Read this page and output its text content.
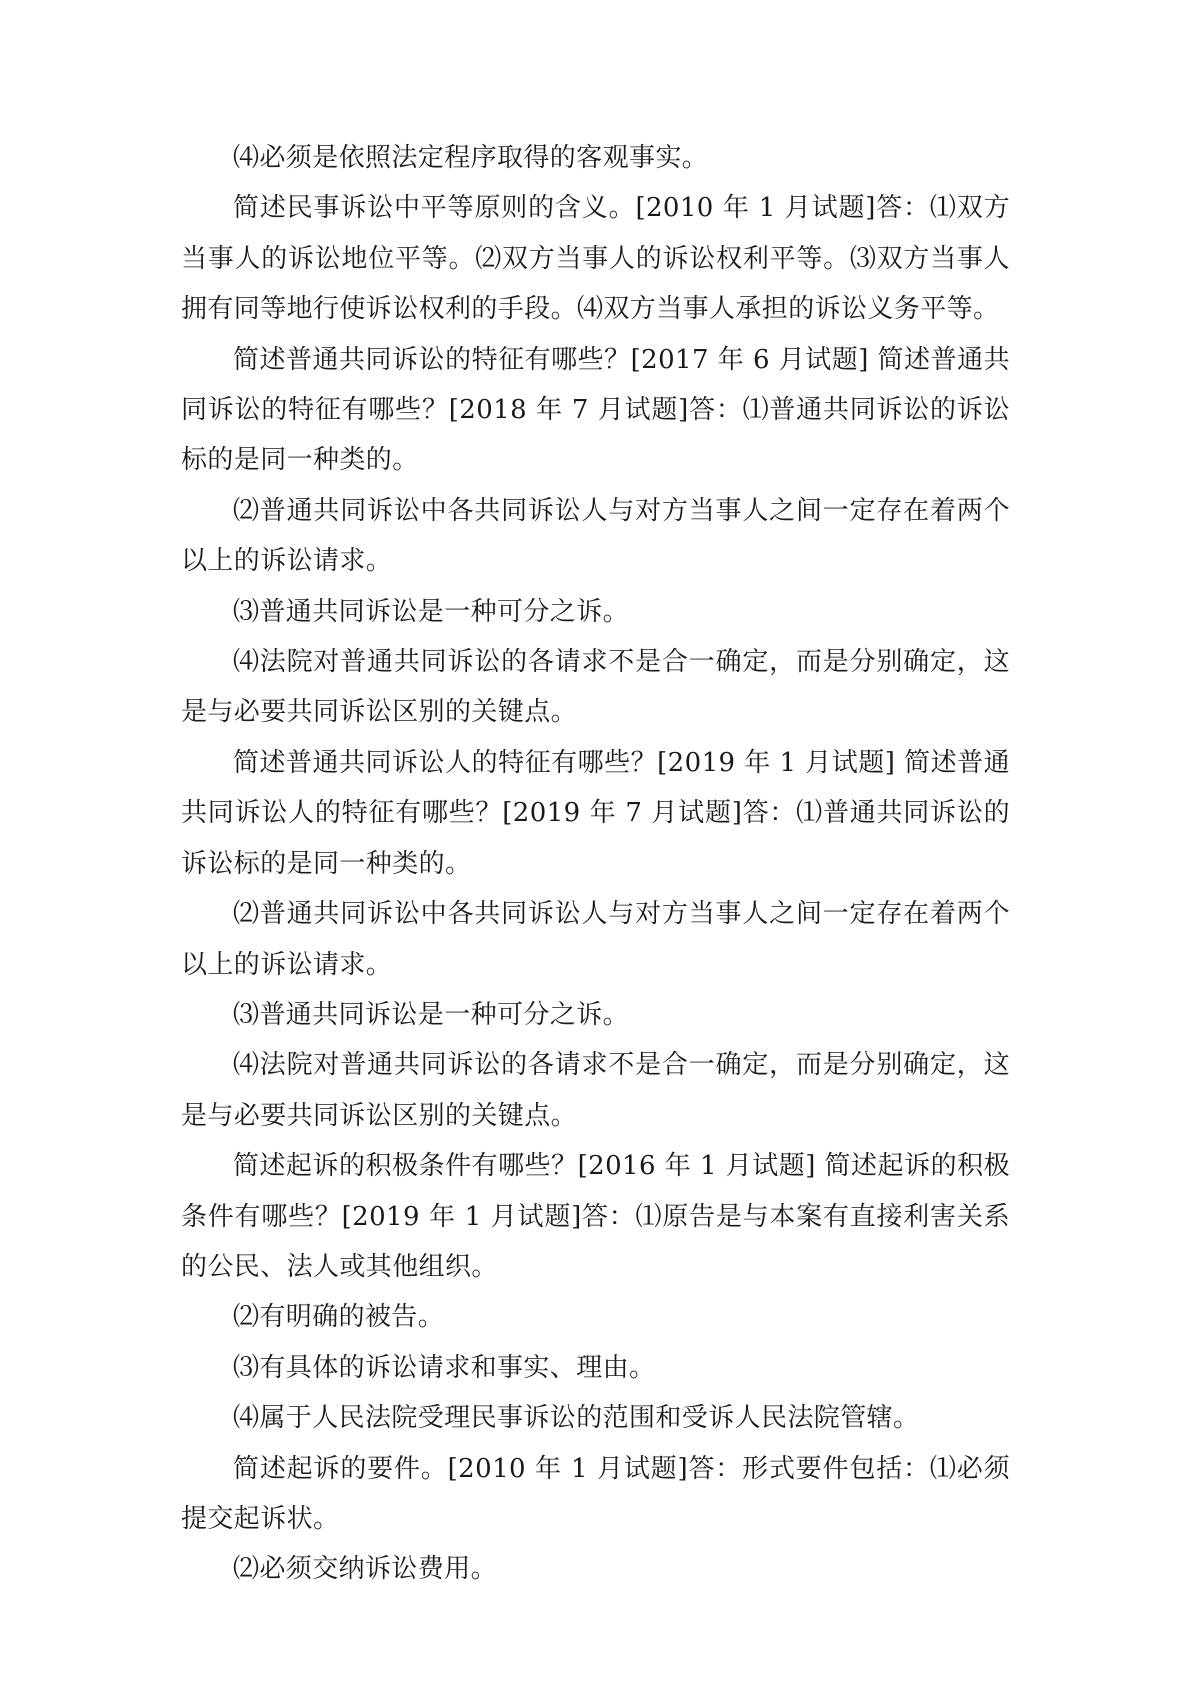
⑷必须是依照法定程序取得的客观事实。

简述民事诉讼中平等原则的含义。[2010 年 1 月试题]答：⑴双方当事人的诉讼地位平等。⑵双方当事人的诉讼权利平等。⑶双方当事人拥有同等地行使诉讼权利的手段。⑷双方当事人承担的诉讼义务平等。

简述普通共同诉讼的特征有哪些？[2017 年 6 月试题] 简述普通共同诉讼的特征有哪些？[2018 年 7 月试题]答：⑴普通共同诉讼的诉讼标的是同一种类的。

⑵普通共同诉讼中各共同诉讼人与对方当事人之间一定存在着两个以上的诉讼请求。

⑶普通共同诉讼是一种可分之诉。

⑷法院对普通共同诉讼的各请求不是合一确定，而是分别确定，这是与必要共同诉讼区别的关键点。

简述普通共同诉讼人的特征有哪些？[2019 年 1 月试题] 简述普通共同诉讼人的特征有哪些？[2019 年 7 月试题]答：⑴普通共同诉讼的诉讼标的是同一种类的。

⑵普通共同诉讼中各共同诉讼人与对方当事人之间一定存在着两个以上的诉讼请求。

⑶普通共同诉讼是一种可分之诉。

⑷法院对普通共同诉讼的各请求不是合一确定，而是分别确定，这是与必要共同诉讼区别的关键点。

简述起诉的积极条件有哪些？[2016 年 1 月试题] 简述起诉的积极条件有哪些？[2019 年 1 月试题]答：⑴原告是与本案有直接利害关系的公民、法人或其他组织。

⑵有明确的被告。

⑶有具体的诉讼请求和事实、理由。

⑷属于人民法院受理民事诉讼的范围和受诉人民法院管辖。

简述起诉的要件。[2010 年 1 月试题]答：形式要件包括：⑴必须提交起诉状。

⑵必须交纳诉讼费用。
